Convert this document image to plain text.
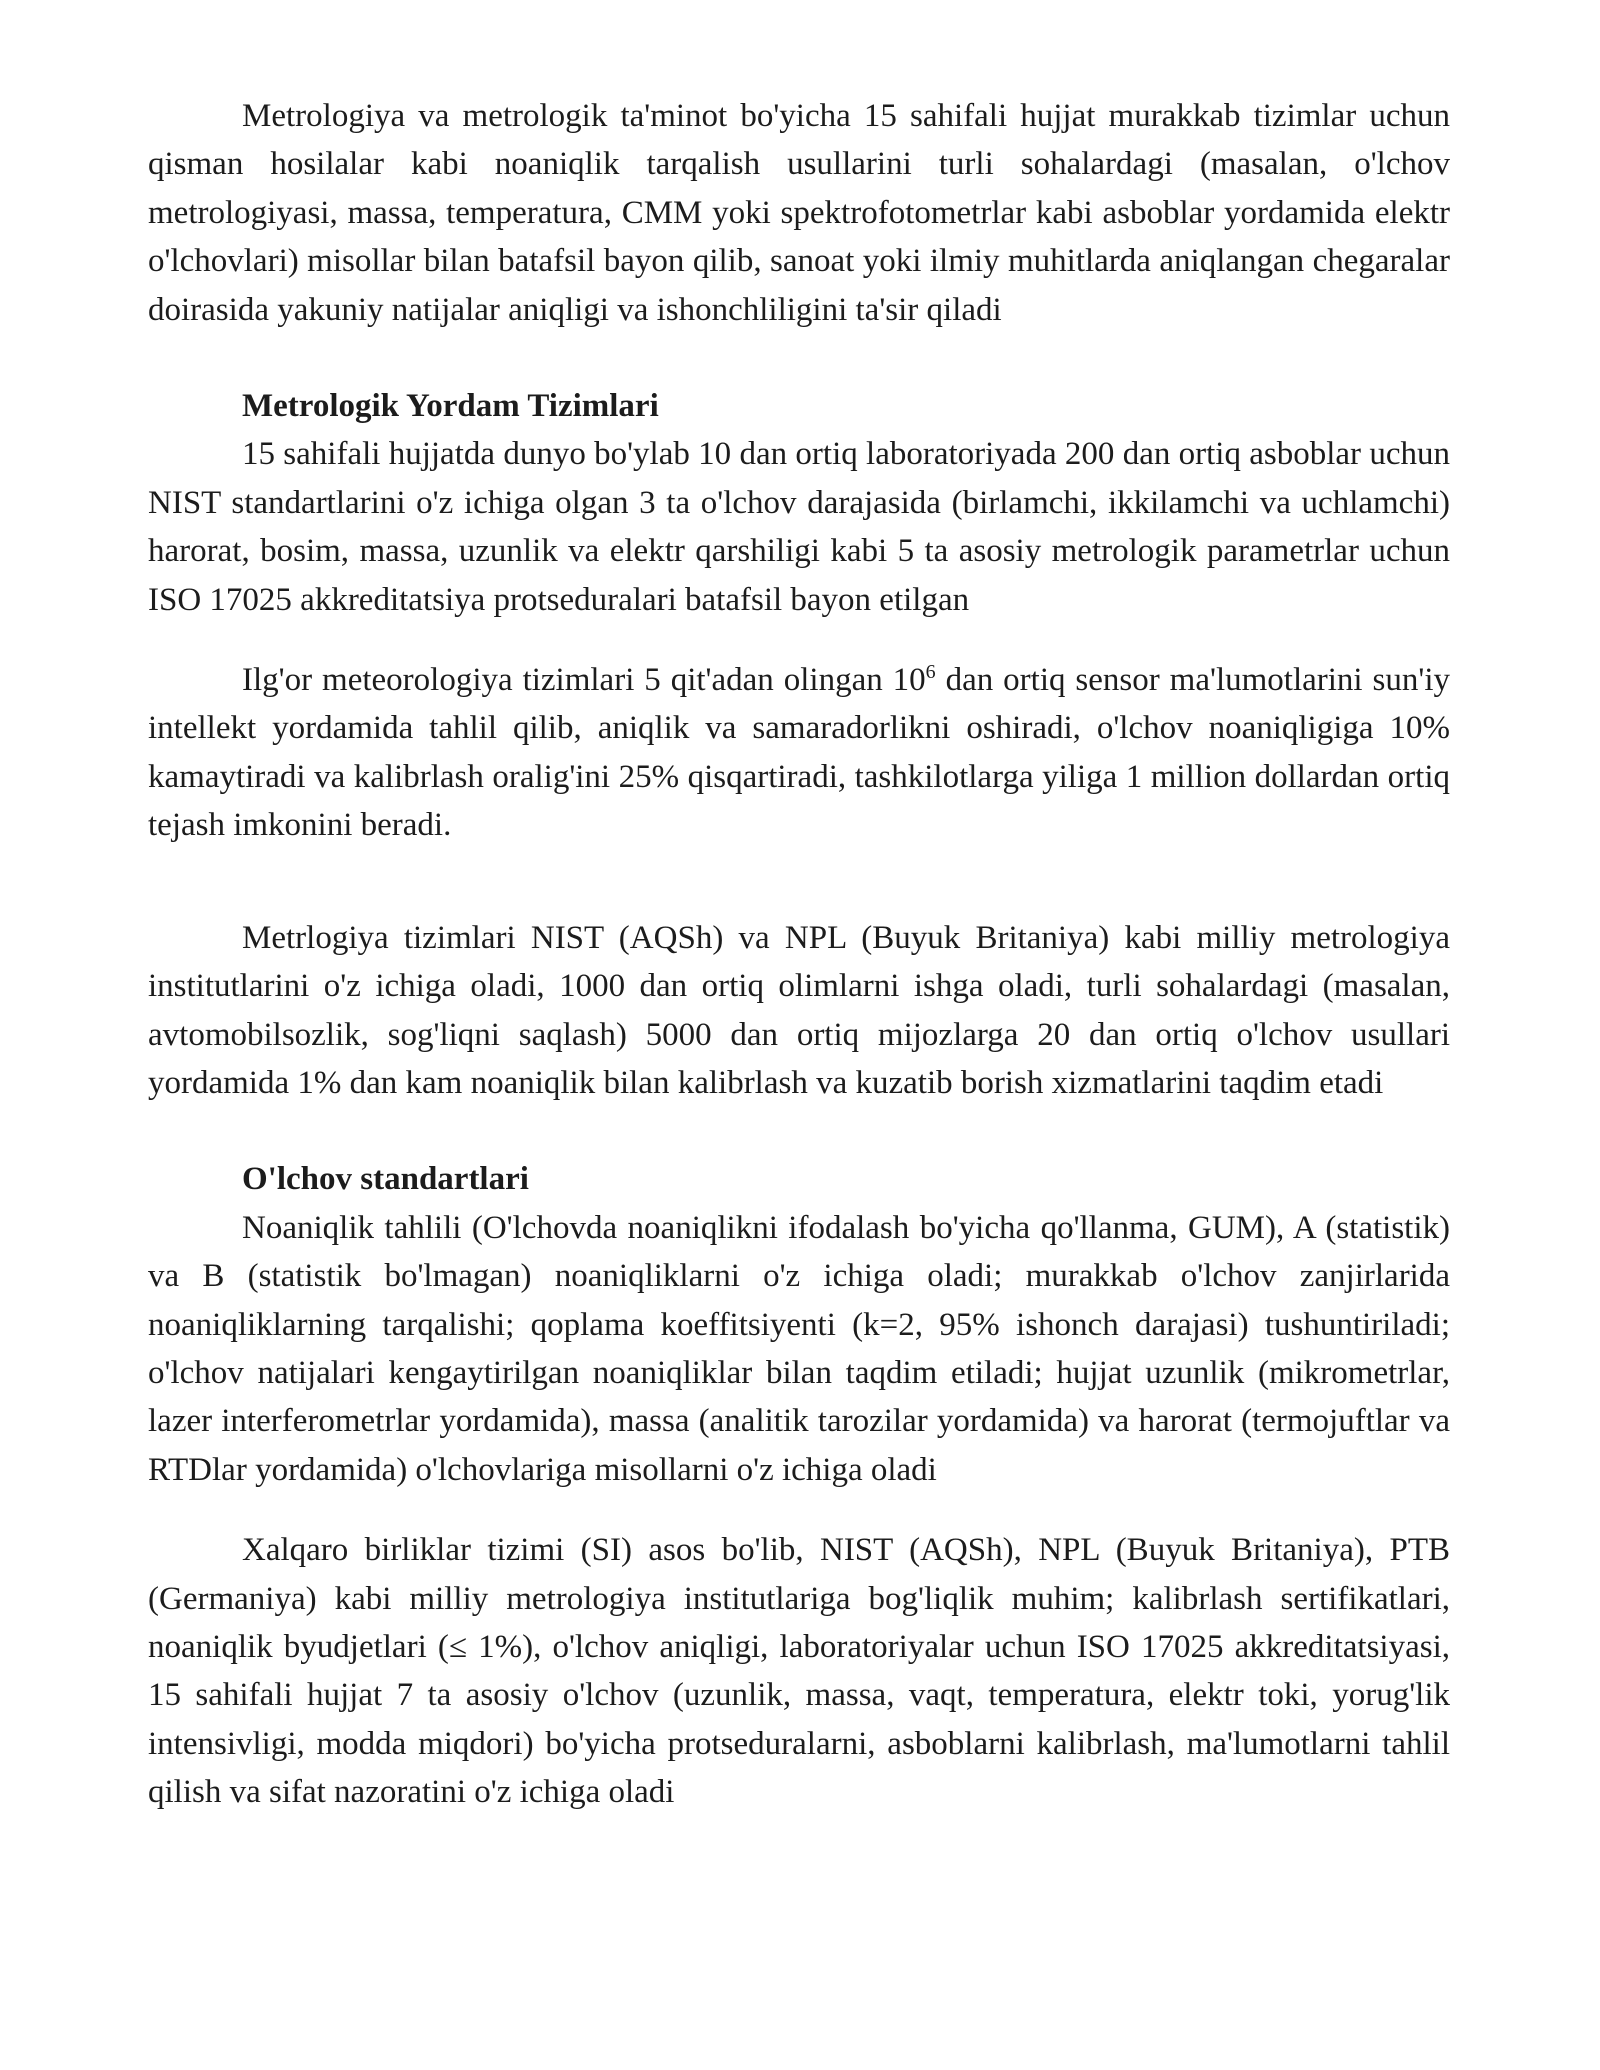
Metrologiya va metrologik ta'minot bo'yicha 15 sahifali hujjat murakkab tizimlar uchun qisman hosilalar kabi noaniqlik tarqalish usullarini turli sohalardagi (masalan, o'lchov metrologiyasi, massa, temperatura, CMM yoki spektrofotometrlar kabi asboblar yordamida elektr o'lchovlari) misollar bilan batafsil bayon qilib, sanoat yoki ilmiy muhitlarda aniqlangan chegaralar doirasida yakuniy natijalar aniqligi va ishonchliligini ta'sir qiladi

Metrologik Yordam Tizimlari

15 sahifali hujjatda dunyo bo'ylab 10 dan ortiq laboratoriyada 200 dan ortiq asboblar uchun NIST standartlarini o'z ichiga olgan 3 ta o'lchov darajasida (birlamchi, ikkilamchi va uchlamchi) harorat, bosim, massa, uzunlik va elektr qarshiligi kabi 5 ta asosiy metrologik parametrlar uchun ISO 17025 akkreditatsiya protseduralari batafsil bayon etilgan

Ilg'or meteorologiya tizimlari 5 qit'adan olingan $10^6$ dan ortiq sensor ma'lumotlarini sun'iy intellekt yordamida tahlil qilib, aniqlik va samaradorlikni oshiradi, o'lchov noaniqligiga 10% kamaytiradi va kalibrlash oralig'ini 25% qisqartiradi, tashkilotlarga yiliga 1 million dollardan ortiq tejash imkonini beradi.

Metrlogiya tizimlari NIST (AQSh) va NPL (Buyuk Britaniya) kabi milliy metrologiya institutlarini o'z ichiga oladi, 1000 dan ortiq olimlarni ishga oladi, turli sohalardagi (masalan, avtomobilsozlik, sog'liqni saqlash) 5000 dan ortiq mijozlarga 20 dan ortiq o'lchov usullari yordamida 1% dan kam noaniqlik bilan kalibrlash va kuzatib borish xizmatlarini taqdim etadi

O'lchov standartlari

Noaniqlik tahlili (O'lchovda noaniqlikni ifodalash bo'yicha qo'llanma, GUM), A (statistik) va B (statistik bo'lmagan) noaniqliklarni o'z ichiga oladi; murakkab o'lchov zanjirlarida noaniqliklarning tarqalishi; qoplama koeffitsiyenti (k=2, 95% ishonch darajasi) tushuntiriladi; o'lchov natijalari kengaytirilgan noaniqliklar bilan taqdim etiladi; hujjat uzunlik (mikrometrlar, lazer interferometrlar yordamida), massa (analitik tarozilar yordamida) va harorat (termojuftlar va RTDlar yordamida) o'lchovlariga misollarni o'z ichiga oladi

Xalqaro birliklar tizimi (SI) asos bo'lib, NIST (AQSh), NPL (Buyuk Britaniya), PTB (Germaniya) kabi milliy metrologiya institutlariga bog'liqlik muhim; kalibrlash sertifikatlari, noaniqlik byudjetlari (≤ 1%), o'lchov aniqligi, laboratoriyalar uchun ISO 17025 akkreditatsiyasi, 15 sahifali hujjat 7 ta asosiy o'lchov (uzunlik, massa, vaqt, temperatura, elektr toki, yorug'lik intensivligi, modda miqdori) bo'yicha protseduralarni, asboblarni kalibrlash, ma'lumotlarni tahlil qilish va sifat nazoratini o'z ichiga oladi
